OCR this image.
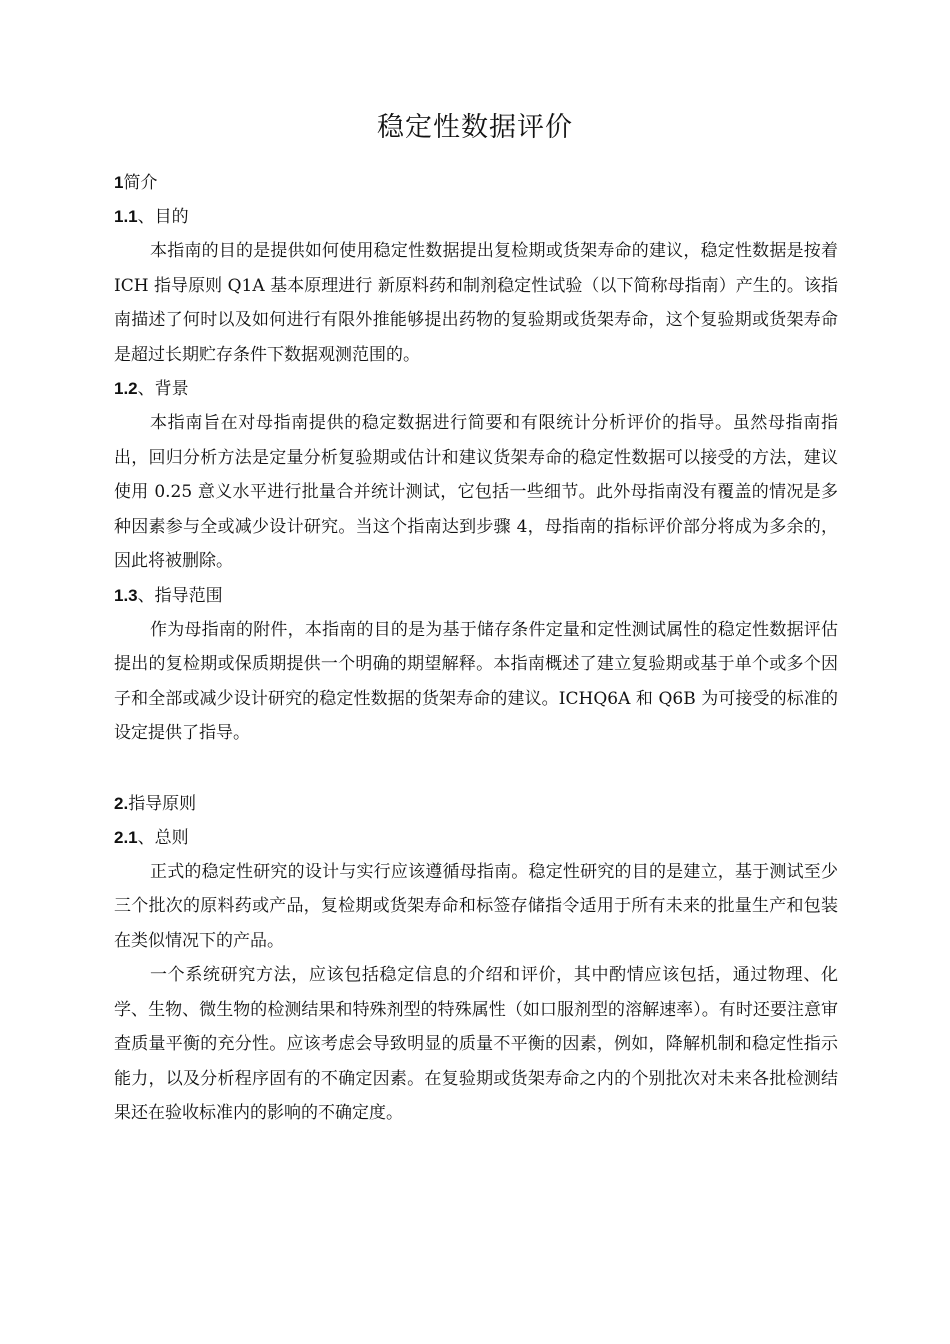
稳定性数据评价
1简介
1.1、目的

本指南的目的是提供如何使用稳定性数据提出复检期或货架寿命的建议，稳定性数据是按着 ICH 指导原则 Q1A 基本原理进行 新原料药和制剂稳定性试验（以下简称母指南）产生的。该指南描述了何时以及如何进行有限外推能够提出药物的复验期或货架寿命，这个复验期或货架寿命是超过长期贮存条件下数据观测范围的。

1.2、背景

本指南旨在对母指南提供的稳定数据进行简要和有限统计分析评价的指导。虽然母指南指出，回归分析方法是定量分析复验期或估计和建议货架寿命的稳定性数据可以接受的方法，建议使用 0.25 意义水平进行批量合并统计测试，它包括一些细节。此外母指南没有覆盖的情况是多种因素参与全或减少设计研究。当这个指南达到步骤 4，母指南的指标评价部分将成为多余的，因此将被删除。

1.3、指导范围

作为母指南的附件，本指南的目的是为基于储存条件定量和定性测试属性的稳定性数据评估提出的复检期或保质期提供一个明确的期望解释。本指南概述了建立复验期或基于单个或多个因子和全部或减少设计研究的稳定性数据的货架寿命的建议。ICHQ6A 和 Q6B 为可接受的标准的设定提供了指导。

2.指导原则
2.1、总则

正式的稳定性研究的设计与实行应该遵循母指南。稳定性研究的目的是建立，基于测试至少三个批次的原料药或产品，复检期或货架寿命和标签存储指令适用于所有未来的批量生产和包装在类似情况下的产品。

一个系统研究方法，应该包括稳定信息的介绍和评价，其中酌情应该包括，通过物理、化学、生物、微生物的检测结果和特殊剂型的特殊属性（如口服剂型的溶解速率）。有时还要注意审查质量平衡的充分性。应该考虑会导致明显的质量不平衡的因素，例如，降解机制和稳定性指示能力，以及分析程序固有的不确定因素。在复验期或货架寿命之内的个别批次对未来各批检测结果还在验收标准内的影响的不确定度。
